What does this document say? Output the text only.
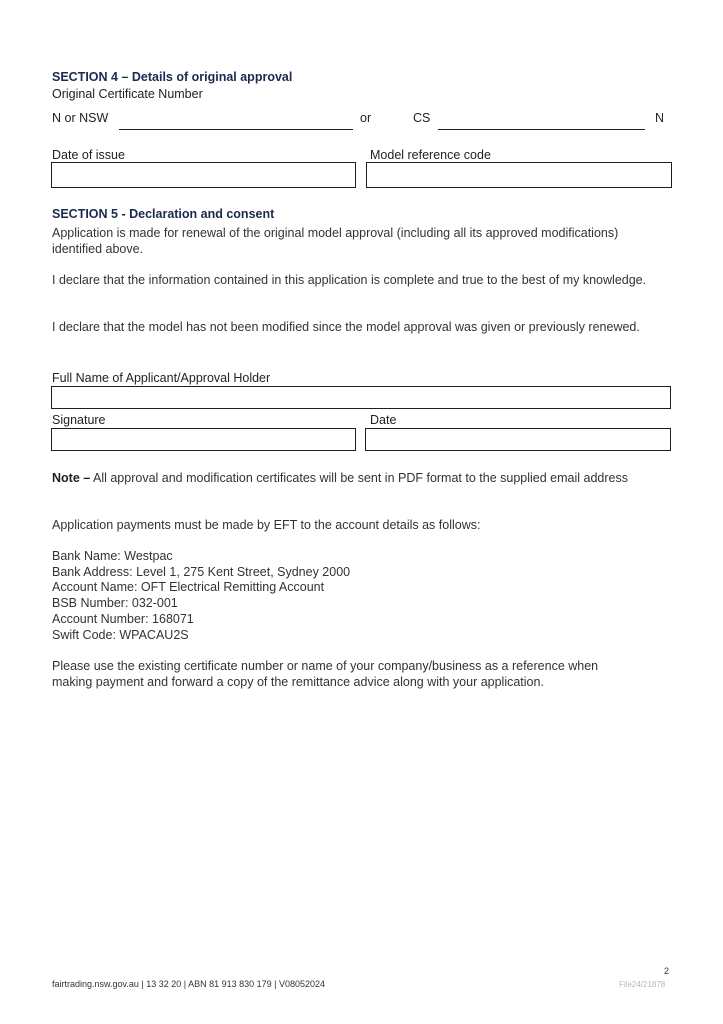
SECTION 4 – Details of original approval
Original Certificate Number
N or NSW	or	CS	N
Date of issue	Model reference code
SECTION 5 - Declaration and consent
Application is made for renewal of the original model approval (including all its approved modifications) identified above.
I declare that the information contained in this application is complete and true to the best of my knowledge.
I declare that the model has not been modified since the model approval was given or previously renewed.
Full Name of Applicant/Approval Holder
Signature	Date
Note – All approval and modification certificates will be sent in PDF format to the supplied email address
Application payments must be made by EFT to the account details as follows:
Bank Name: Westpac
Bank Address: Level 1, 275 Kent Street, Sydney 2000
Account Name: OFT Electrical Remitting Account
BSB Number: 032-001
Account Number: 168071
Swift Code: WPACAU2S
Please use the existing certificate number or name of your company/business as a reference when making payment and forward a copy of the remittance advice along with your application.
2
fairtrading.nsw.gov.au | 13 32 20 | ABN 81 913 830 179 | V08052024	File24/21878
